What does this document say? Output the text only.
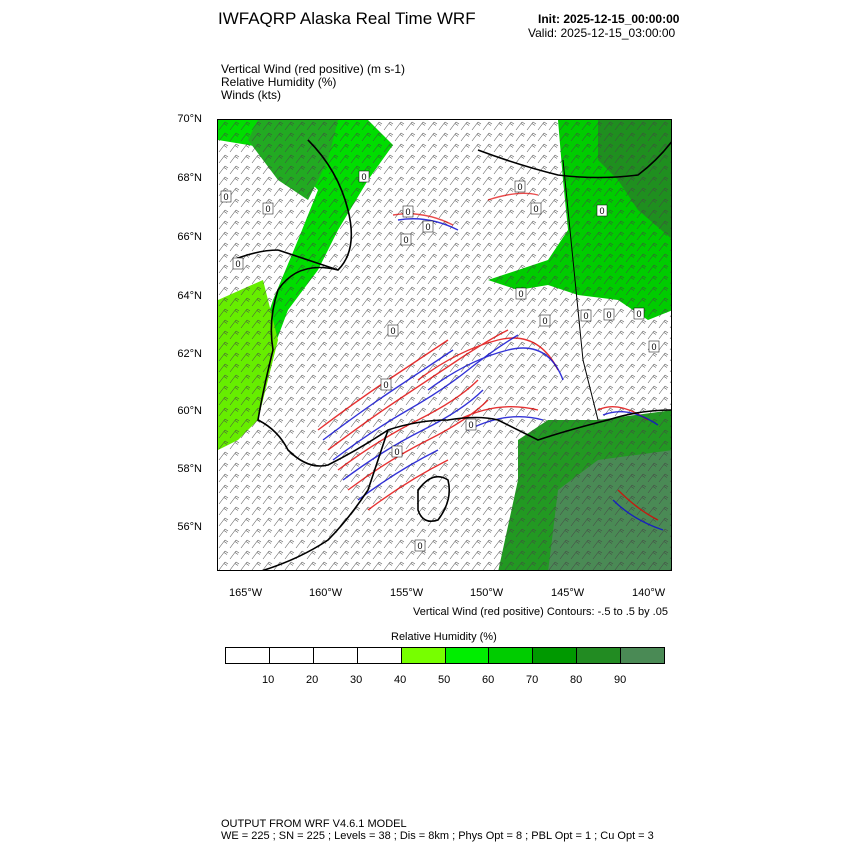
IWFAQRP Alaska Real Time WRF	Init: 2025-12-15_00:00:00
Valid: 2025-12-15_03:00:00
Vertical Wind (red positive) (m s-1)
Relative Humidity (%)
Winds (kts)
0
0
0	0
0
0
0
0	0
0
0
0	0 0	0
0
0
0
0
0
0
70°N
68°N
66°N
64°N
62°N
60°N
58°N
56°N
165°W	160°W	155°W	150°W	145°W	140°W
Vertical Wind (red positive) Contours: -.5 to .5 by .05
Relative Humidity (%)
10	20	30	40	50	60	70	80	90
OUTPUT FROM WRF V4.6.1 MODEL
WE = 225 ; SN = 225 ; Levels = 38 ; Dis = 8km ; Phys Opt = 8 ; PBL Opt = 1 ; Cu Opt = 3
